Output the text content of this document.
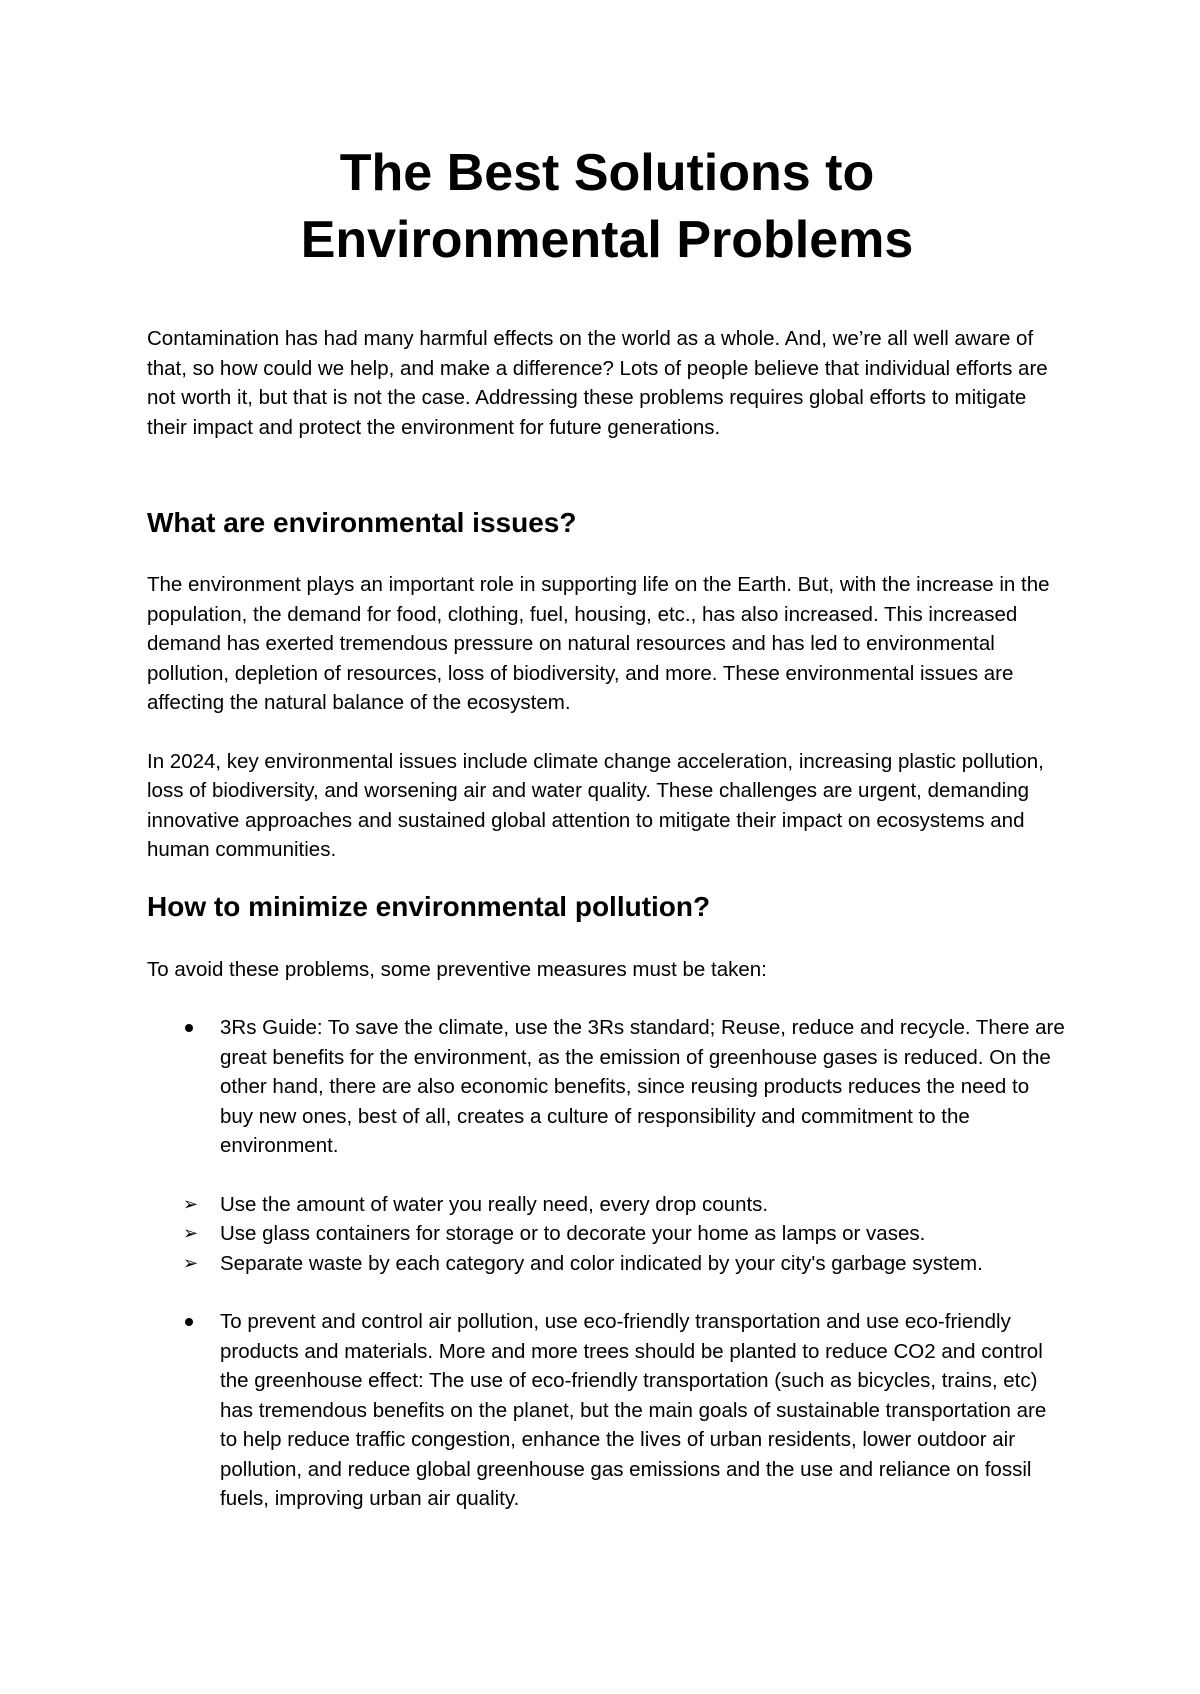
The Best Solutions to
Environmental Problems

Contamination has had many harmful effects on the world as a whole. And, we’re all well aware of that, so how could we help, and make a difference? Lots of people believe that individual efforts are not worth it, but that is not the case. Addressing these problems requires global efforts to mitigate their impact and protect the environment for future generations.

What are environmental issues?

The environment plays an important role in supporting life on the Earth. But, with the increase in the population, the demand for food, clothing, fuel, housing, etc., has also increased. This increased demand has exerted tremendous pressure on natural resources and has led to environmental pollution, depletion of resources, loss of biodiversity, and more. These environmental issues are affecting the natural balance of the ecosystem.

In 2024, key environmental issues include climate change acceleration, increasing plastic pollution, loss of biodiversity, and worsening air and water quality. These challenges are urgent, demanding innovative approaches and sustained global attention to mitigate their impact on ecosystems and human communities.

How to minimize environmental pollution?

To avoid these problems, some preventive measures must be taken:

3Rs Guide: To save the climate, use the 3Rs standard; Reuse, reduce and recycle. There are great benefits for the environment, as the emission of greenhouse gases is reduced. On the other hand, there are also economic benefits, since reusing products reduces the need to buy new ones, best of all, creates a culture of responsibility and commitment to the environment.
➢ Use the amount of water you really need, every drop counts.
➢ Use glass containers for storage or to decorate your home as lamps or vases.
➢ Separate waste by each category and color indicated by your city's garbage system.
To prevent and control air pollution, use eco-friendly transportation and use eco-friendly products and materials. More and more trees should be planted to reduce CO2 and control the greenhouse effect: The use of eco-friendly transportation (such as bicycles, trains, etc) has tremendous benefits on the planet, but the main goals of sustainable transportation are to help reduce traffic congestion, enhance the lives of urban residents, lower outdoor air pollution, and reduce global greenhouse gas emissions and the use and reliance on fossil fuels, improving urban air quality.
